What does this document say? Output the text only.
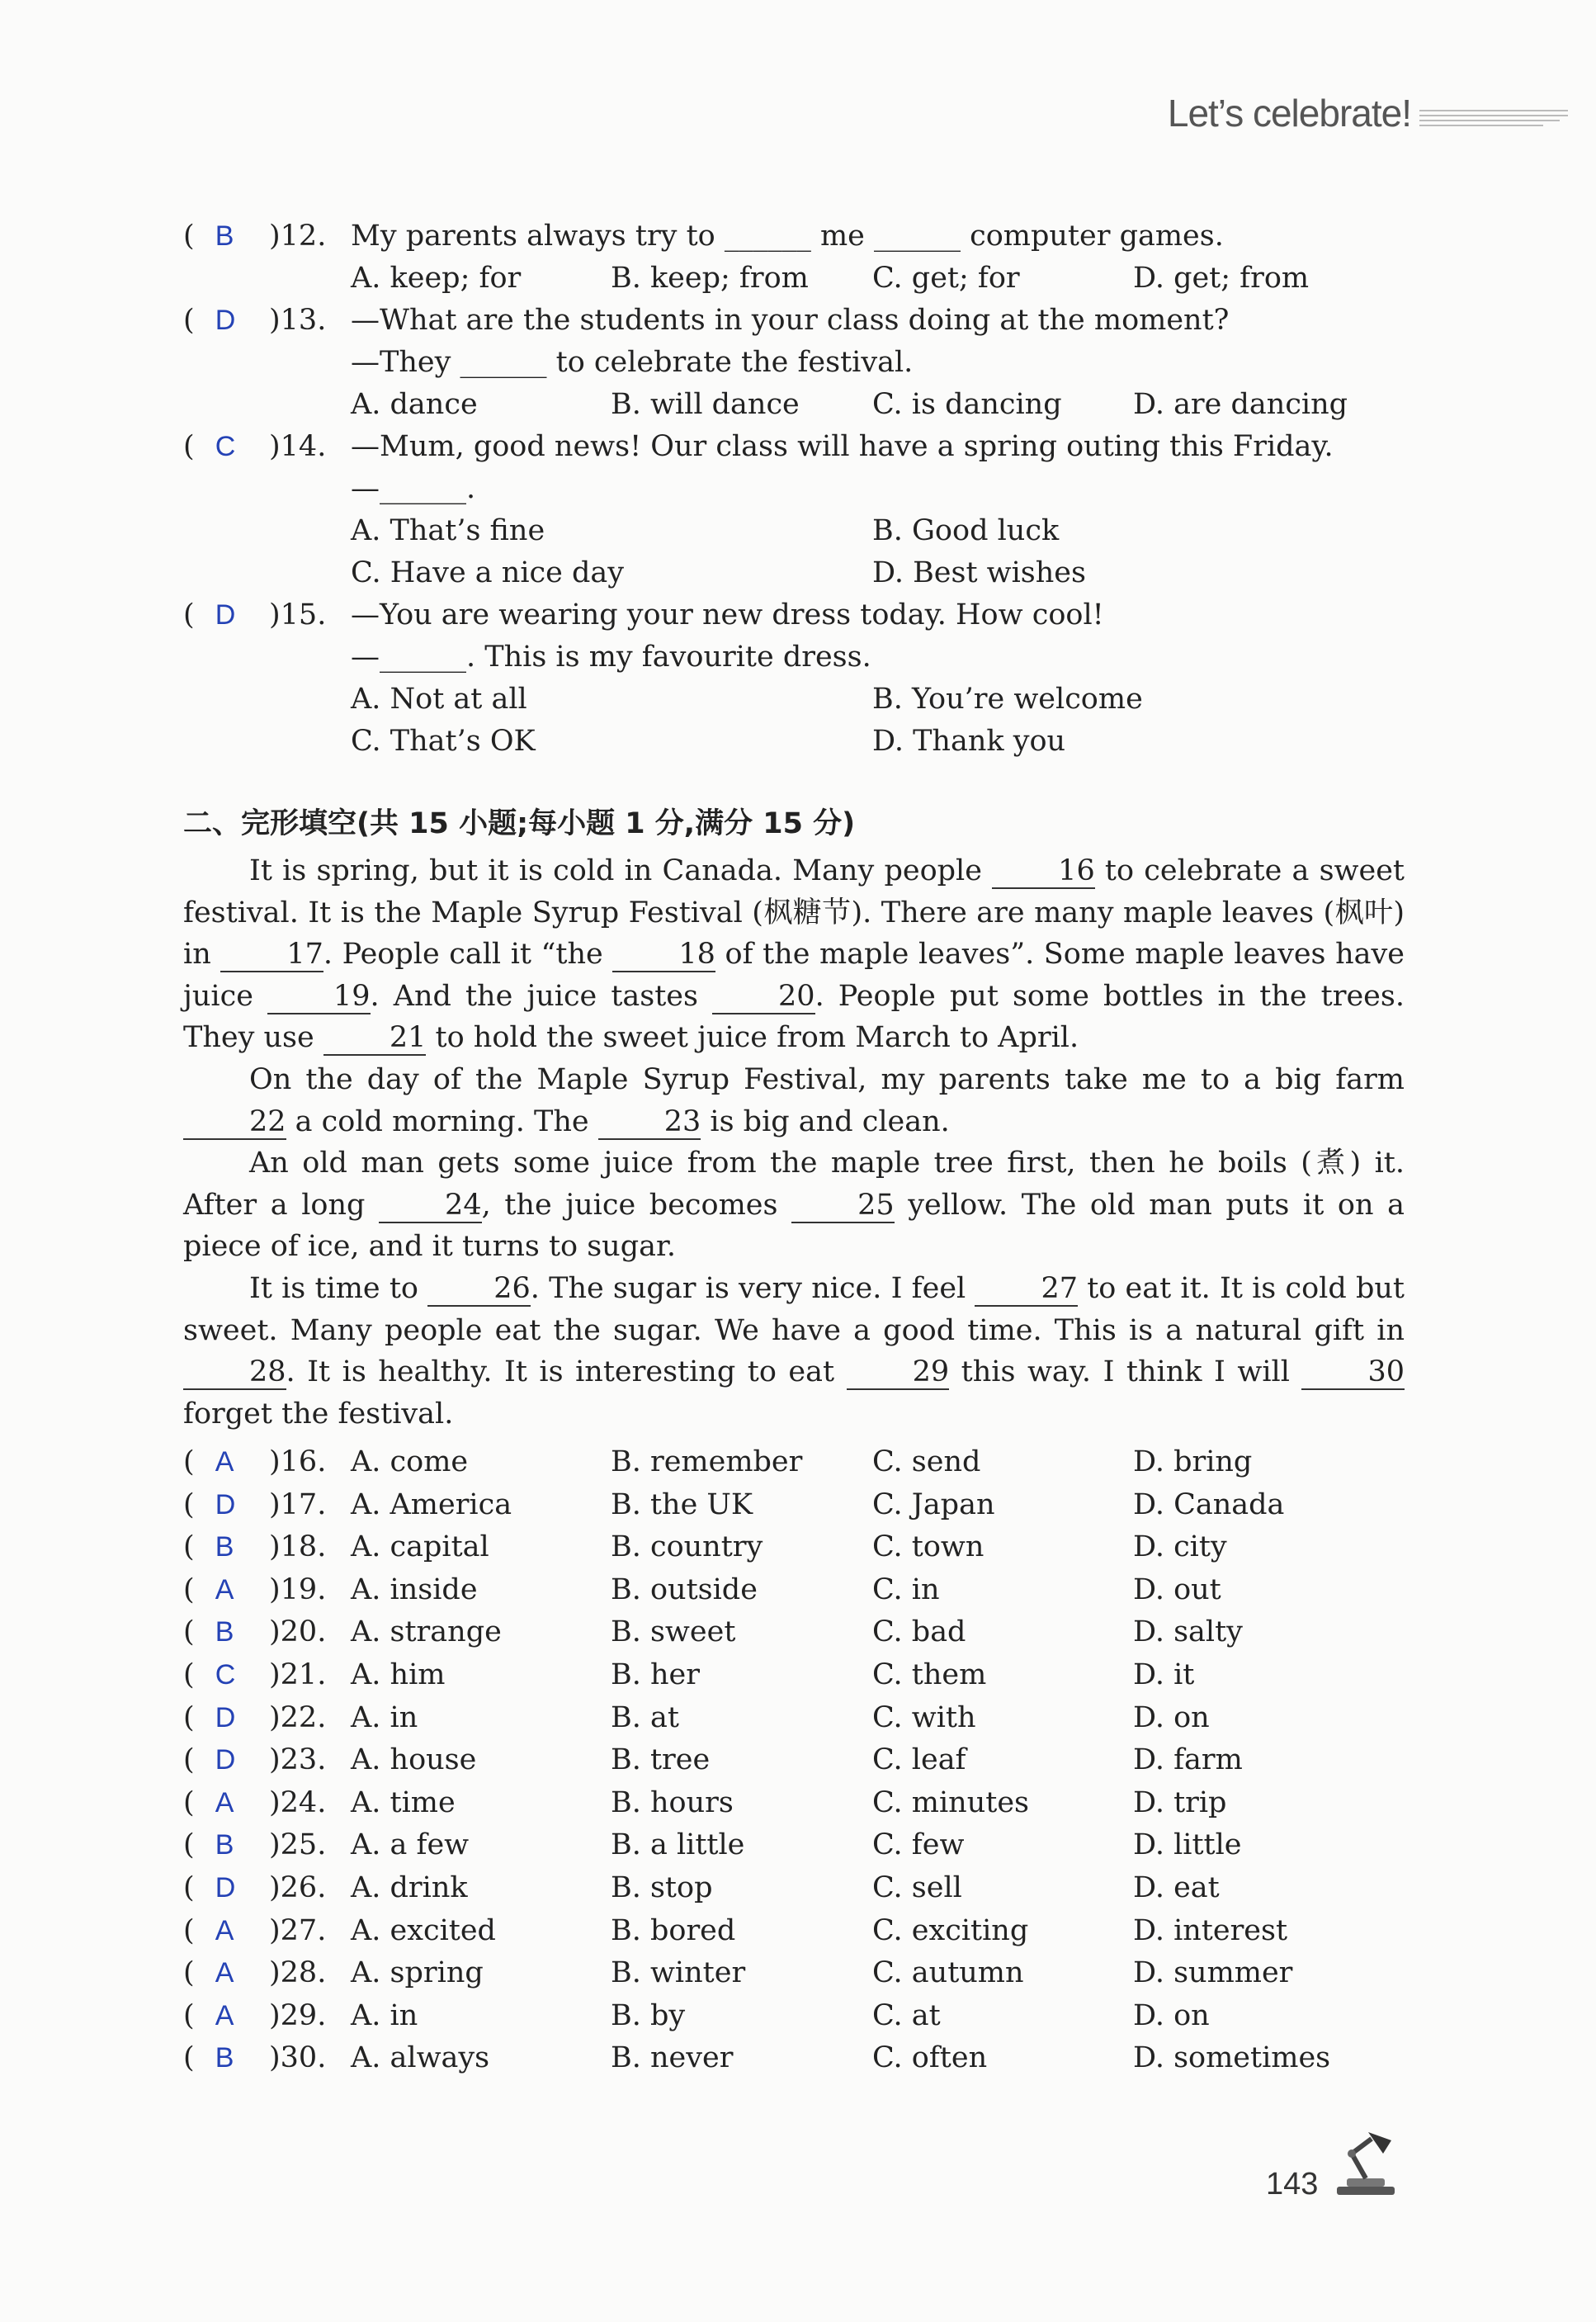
Let’s celebrate!
( B	)12. My parents always try to ______ me ______ computer games.
A. keep; for	B. keep; from C. get; for	D. get; from
( D	)13. —What are the students in your class doing at the moment?
—They ______ to celebrate the festival.
A. dance	B. will dance	C. is dancing D. are dancing
( C	)14. —Mum, good news! Our class will have a spring outing this Friday.
—______.
A. That’s fine	B. Good luck
C. Have a nice day	D. Best wishes
( D	)15. —You are wearing your new dress today. How cool!
—______. This is my favourite dress.
A. Not at all	B. You’re welcome
C. That’s OK	D. Thank you
二、完形填空(共 15 小题;每小题 1 分,满分 15 分)

It is spring, but it is cold in Canada. Many people 16 to celebrate a sweet festival. It is the Maple Syrup Festival (枫糖节). There are many maple leaves (枫叶) in 17. People call it “the 18 of the maple leaves”. Some maple leaves have juice 19. And the juice tastes 20. People put some bottles in the trees. They use 21 to hold the sweet juice from March to April.

On the day of the Maple Syrup Festival, my parents take me to a big farm 22 a cold morning. The 23 is big and clean.

An old man gets some juice from the maple tree first, then he boils (煮) it. After a long 24, the juice becomes 25 yellow. The old man puts it on a piece of ice, and it turns to sugar.

It is time to 26. The sugar is very nice. I feel 27 to eat it. It is cold but sweet. Many people eat the sugar. We have a good time. This is a natural gift in 28. It is healthy. It is interesting to eat 29 this way. I think I will 30 forget the festival.

( A	)16. A. come	B. remember C. send	D. bring
( D	)17. A. America	B. the UK	C. Japan	D. Canada
( B	)18. A. capital	B. country	C. town	D. city
( A	)19. A. inside	B. outside	C. in	D. out
( B	)20. A. strange	B. sweet	C. bad	D. salty
( C	)21. A. him	B. her	C. them	D. it
( D	)22. A. in	B. at	C. with	D. on
( D	)23. A. house	B. tree	C. leaf	D. farm
( A	)24. A. time	B. hours	C. minutes	D. trip
( B	)25. A. a few	B. a little	C. few	D. little
( D	)26. A. drink	B. stop	C. sell	D. eat
( A	)27. A. excited	B. bored	C. exciting	D. interest
( A	)28. A. spring	B. winter	C. autumn	D. summer
( A	)29. A. in	B. by	C. at	D. on
( B	)30. A. always	B. never	C. often	D. sometimes
143
